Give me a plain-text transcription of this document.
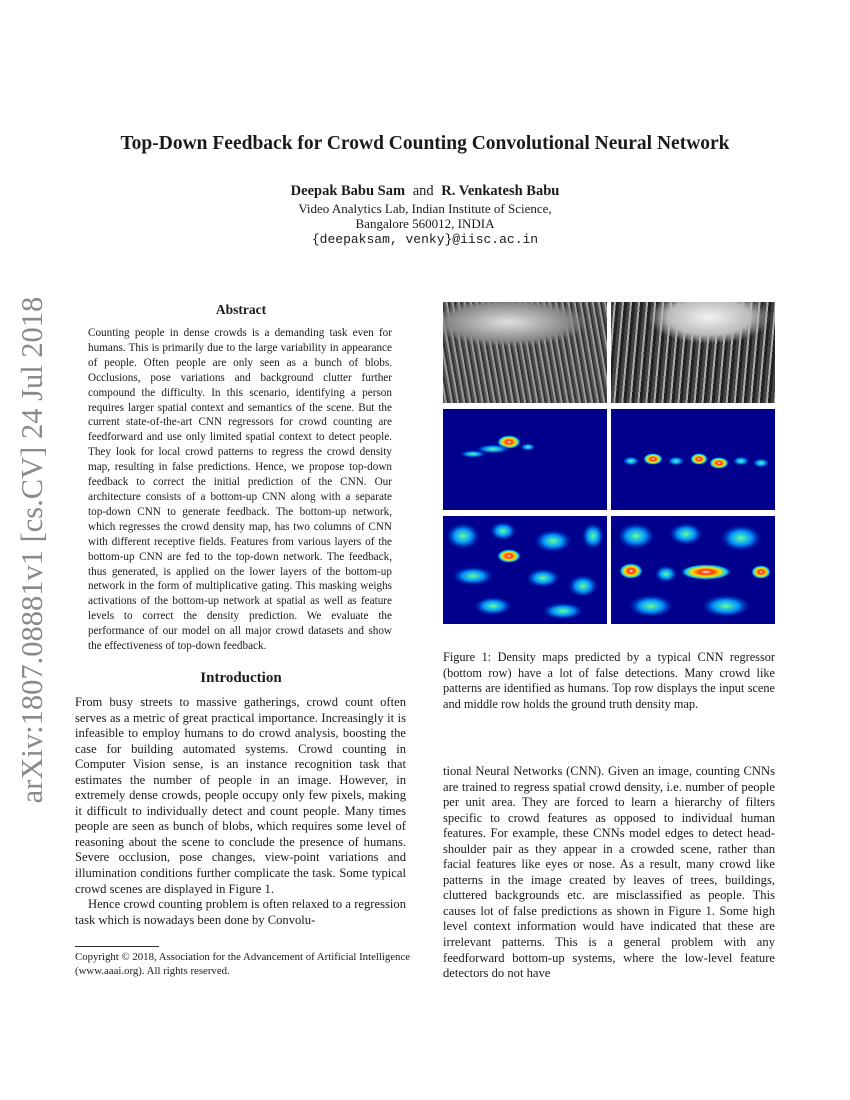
arXiv:1807.08881v1 [cs.CV] 24 Jul 2018
Top-Down Feedback for Crowd Counting Convolutional Neural Network
Deepak Babu Sam and R. Venkatesh Babu
Video Analytics Lab, Indian Institute of Science,
Bangalore 560012, INDIA
{deepaksam, venky}@iisc.ac.in
Abstract
Counting people in dense crowds is a demanding task even for humans. This is primarily due to the large variability in appearance of people. Often people are only seen as a bunch of blobs. Occlusions, pose variations and background clutter further compound the difficulty. In this scenario, identifying a person requires larger spatial context and semantics of the scene. But the current state-of-the-art CNN regressors for crowd counting are feedforward and use only limited spatial context to detect people. They look for local crowd patterns to regress the crowd density map, resulting in false predictions. Hence, we propose top-down feedback to correct the initial prediction of the CNN. Our architecture consists of a bottom-up CNN along with a separate top-down CNN to generate feedback. The bottom-up network, which regresses the crowd density map, has two columns of CNN with different receptive fields. Features from various layers of the bottom-up CNN are fed to the top-down network. The feedback, thus generated, is applied on the lower layers of the bottom-up network in the form of multiplicative gating. This masking weighs activations of the bottom-up network at spatial as well as feature levels to correct the density prediction. We evaluate the performance of our model on all major crowd datasets and show the effectiveness of top-down feedback.
Introduction

From busy streets to massive gatherings, crowd count often serves as a metric of great practical importance. Increasingly it is infeasible to employ humans to do crowd analysis, boosting the case for building automated systems. Crowd counting in Computer Vision sense, is an instance recognition task that estimates the number of people in an image. However, in extremely dense crowds, people occupy only few pixels, making it difficult to individually detect and count people. Many times people are seen as bunch of blobs, which requires some level of reasoning about the scene to conclude the presence of humans. Severe occlusion, pose changes, view-point variations and illumination conditions further complicate the task. Some typical crowd scenes are displayed in Figure 1.

Hence crowd counting problem is often relaxed to a regression task which is nowadays been done by Convolu-

Copyright © 2018, Association for the Advancement of Artificial Intelligence (www.aaai.org). All rights reserved.
Figure 1: Density maps predicted by a typical CNN regressor (bottom row) have a lot of false detections. Many crowd like patterns are identified as humans. Top row displays the input scene and middle row holds the ground truth density map.

tional Neural Networks (CNN). Given an image, counting CNNs are trained to regress spatial crowd density, i.e. number of people per unit area. They are forced to learn a hierarchy of filters specific to crowd features as opposed to individual human features. For example, these CNNs model edges to detect head-shoulder pair as they appear in a crowded scene, rather than facial features like eyes or nose. As a result, many crowd like patterns in the image created by leaves of trees, buildings, cluttered backgrounds etc. are misclassified as people. This causes lot of false predictions as shown in Figure 1. Some high level context information would have indicated that these are irrelevant patterns. This is a general problem with any feedforward bottom-up systems, where the low-level feature detectors do not have
